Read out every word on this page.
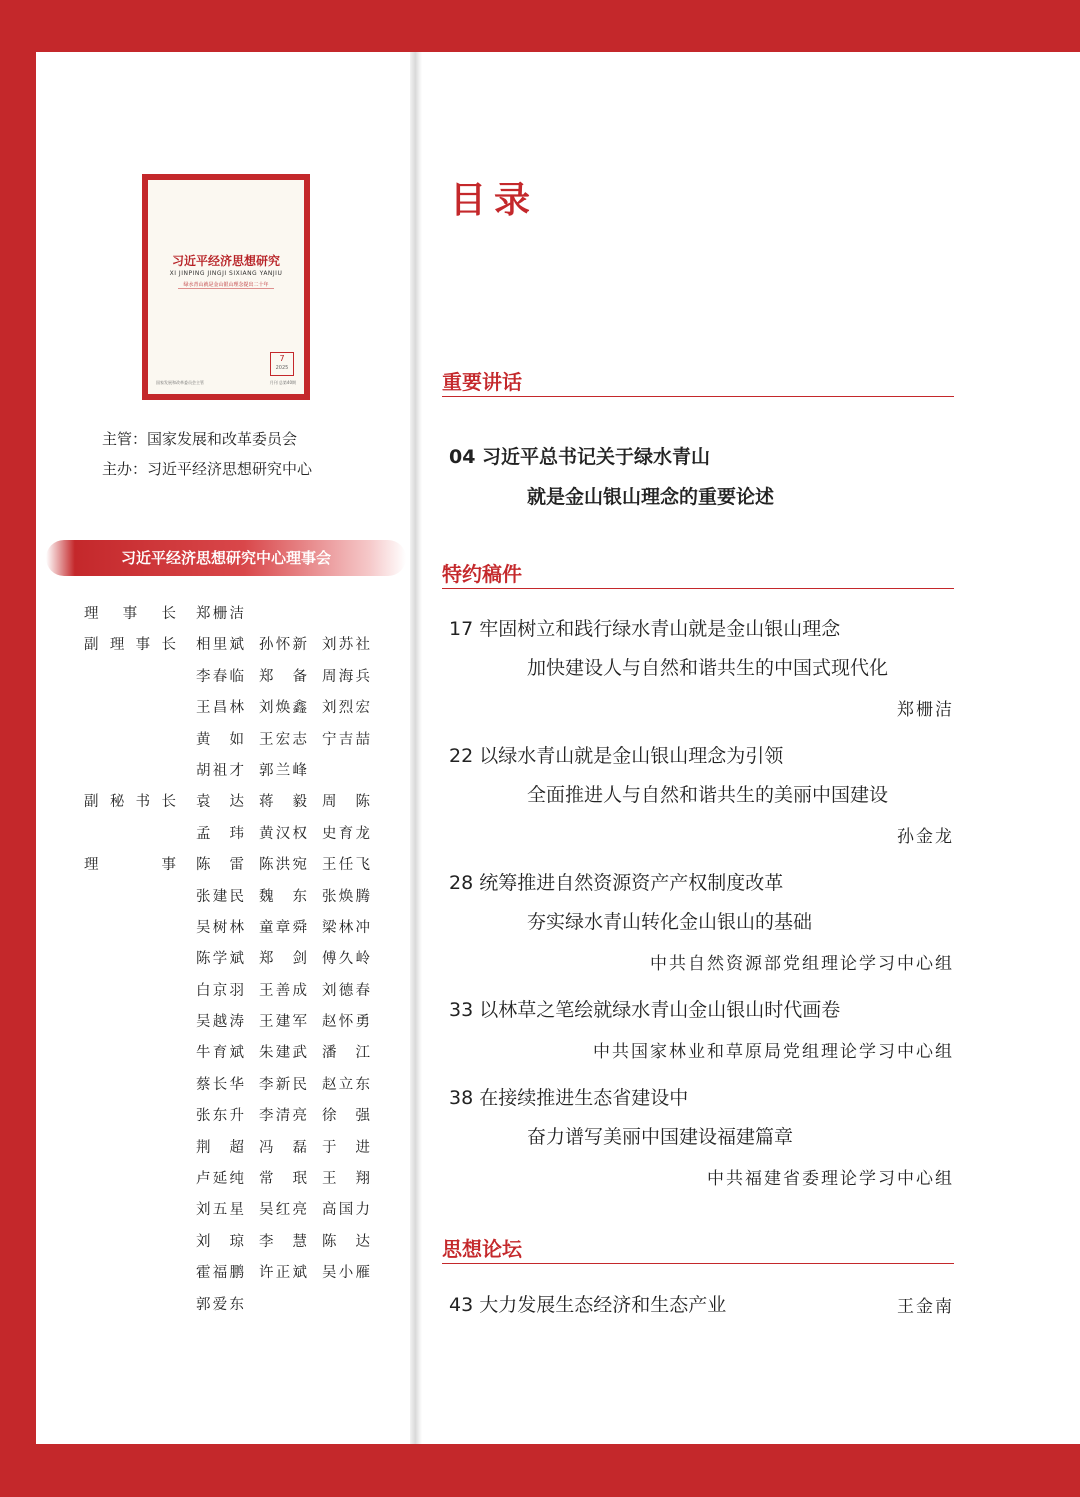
习近平经济思想研究
XI JINPING JINGJI SIXIANG YANJIU
绿水青山就是金山银山理念提出二十年
7
2025
国家发展和改革委员会主管	月刊 总第40期
主管：国家发展和改革委员会
主办：习近平经济思想研究中心
习近平经济思想研究中心理事会
理事长 郑栅洁
副理事长 相里斌 孙怀新 刘苏社
李春临 郑备 周海兵
王昌林 刘焕鑫 刘烈宏
黄如 王宏志 宁吉喆
胡祖才 郭兰峰
副秘书长 袁达 蒋毅 周陈
孟玮 黄汉权 史育龙
理事 陈雷 陈洪宛 王任飞
张建民 魏东 张焕腾
吴树林 童章舜 梁林冲
陈学斌 郑剑 傅久岭
白京羽 王善成 刘德春
吴越涛 王建军 赵怀勇
牛育斌 朱建武 潘江
蔡长华 李新民 赵立东
张东升 李清亮 徐强
荆超 冯磊 于进
卢延纯 常珉 王翔
刘五星 吴红亮 高国力
刘琼 李慧 陈达
霍福鹏 许正斌 吴小雁
郭爱东
目录
重要讲话
04 习近平总书记关于绿水青山
就是金山银山理念的重要论述
特约稿件
17 牢固树立和践行绿水青山就是金山银山理念
加快建设人与自然和谐共生的中国式现代化
郑栅洁
22 以绿水青山就是金山银山理念为引领
全面推进人与自然和谐共生的美丽中国建设
孙金龙
28 统筹推进自然资源资产产权制度改革
夯实绿水青山转化金山银山的基础
中共自然资源部党组理论学习中心组
33 以林草之笔绘就绿水青山金山银山时代画卷
中共国家林业和草原局党组理论学习中心组
38 在接续推进生态省建设中
奋力谱写美丽中国建设福建篇章
中共福建省委理论学习中心组
思想论坛
43 大力发展生态经济和生态产业	王金南
